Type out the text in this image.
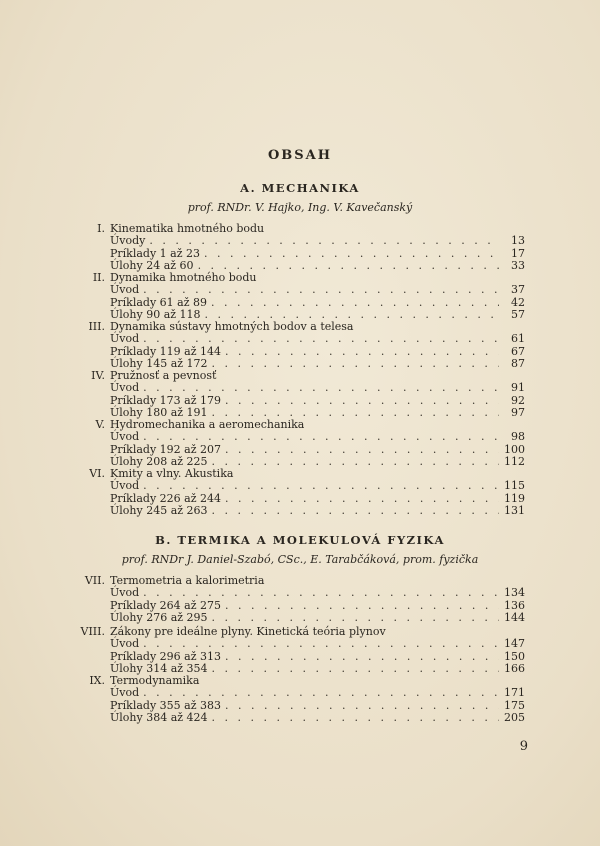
OBSAH
A. MECHANIKA
prof. RNDr. V. Hajko, Ing. V. Kavečanský
I. Kinematika hmotného bodu
Úvody . . .	13
Príklady 1 až 23 . . .	17
Úlohy 24 až 60 . . .	33
II. Dynamika hmotného bodu
Úvod . . .	37
Príklady 61 až 89 . . .	42
Úlohy 90 až 118 . . .	57
III. Dynamika sústavy hmotných bodov a telesa
Úvod . . .	61
Príklady 119 až 144 . . .	67
Úlohy 145 až 172 . . .	87
IV. Pružnosť a pevnosť
Úvod . . .	91
Príklady 173 až 179 . . .	92
Úlohy 180 až 191 . . .	97
V. Hydromechanika a aeromechanika
Úvod . . .	98
Príklady 192 až 207 . . .	100
Úlohy 208 až 225 . . .	112
VI. Kmity a vlny. Akustika
Úvod . . .	115
Príklady 226 až 244 . . .	119
Úlohy 245 až 263 . . .	131
B. TERMIKA A MOLEKULOVÁ FYZIKA
prof. RNDr J. Daniel-Szabó, CSc., E. Tarabčáková, prom. fyzička
VII. Termometria a kalorimetria
Úvod . . .	134
Príklady 264 až 275 . . .	136
Úlohy 276 až 295 . . .	144
VIII. Zákony pre ideálne plyny. Kinetická teória plynov
Úvod . . .	147
Príklady 296 až 313 . . .	150
Úlohy 314 až 354 . . .	166
IX. Termodynamika
Úvod . . .	171
Príklady 355 až 383 . . .	175
Úlohy 384 až 424 . . .	205
9
